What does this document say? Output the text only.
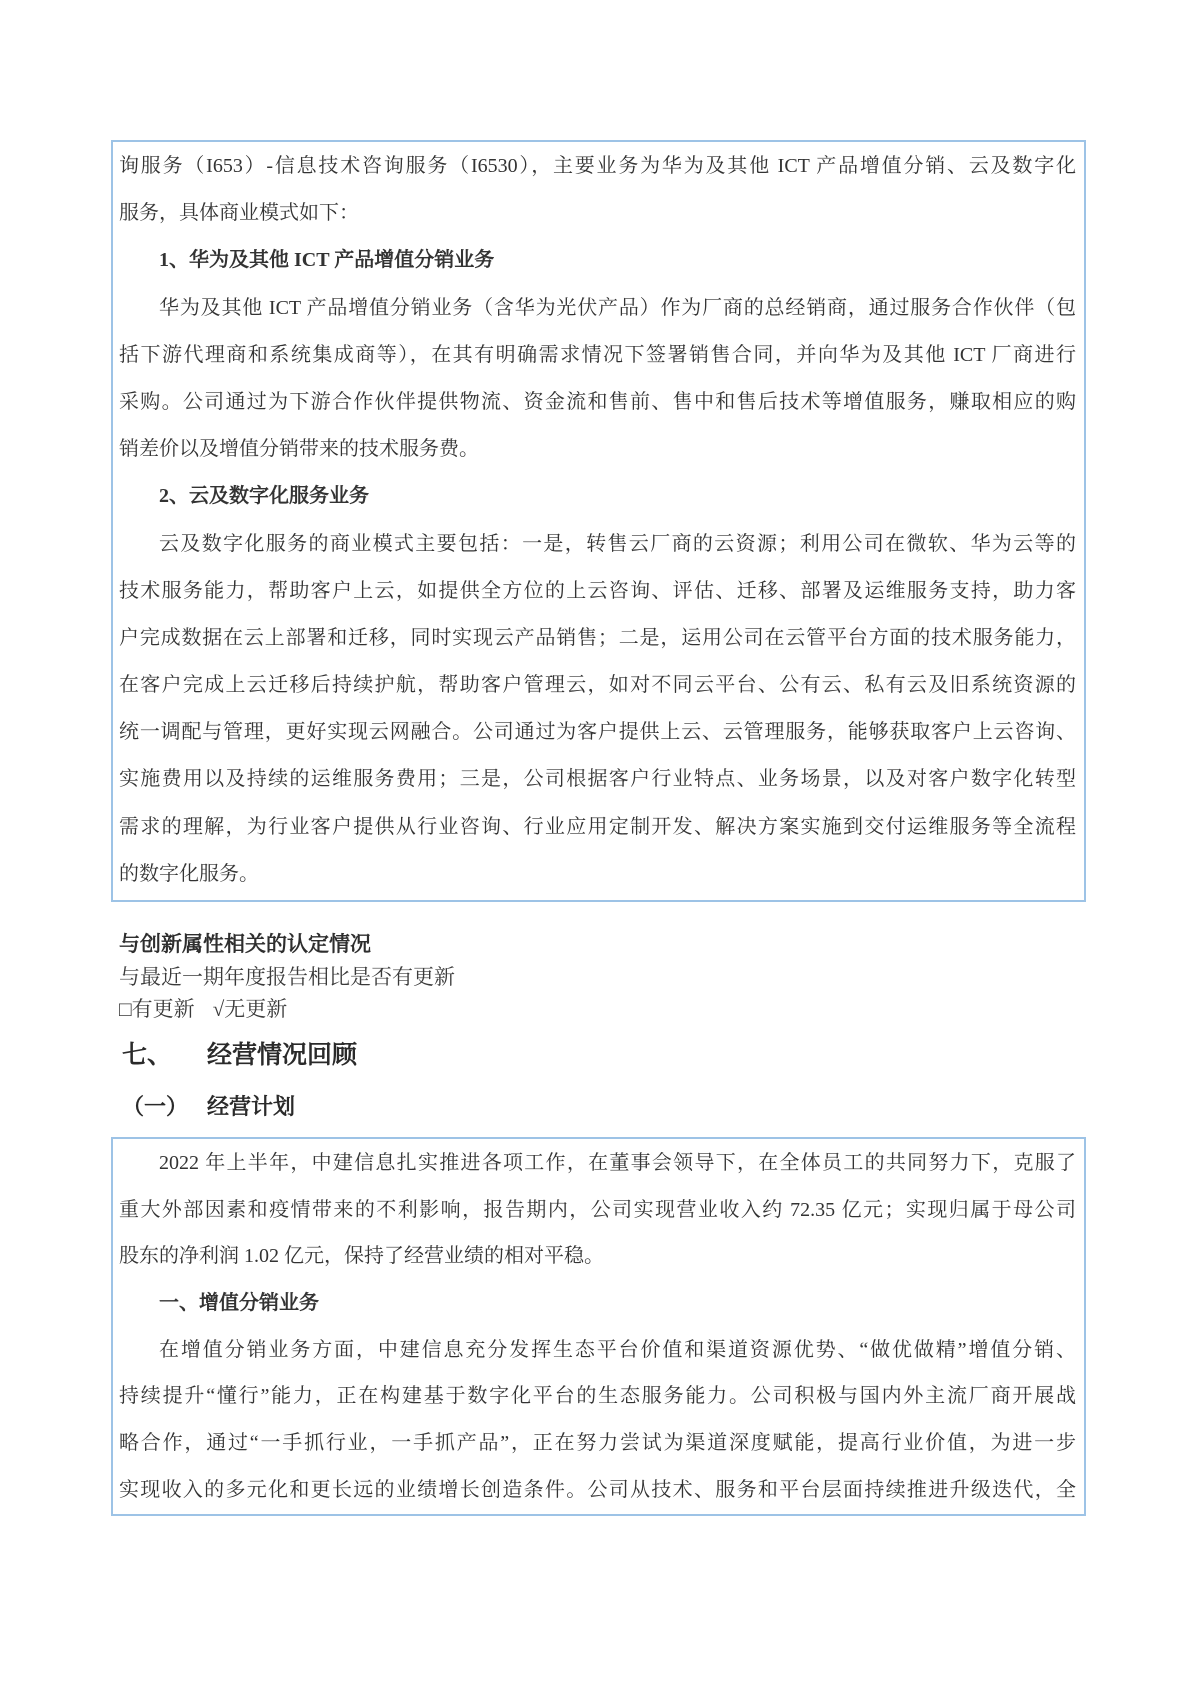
询服务（I653）-信息技术咨询服务（I6530），主要业务为华为及其他 ICT 产品增值分销、云及数字化
服务，具体商业模式如下：
1、华为及其他 ICT 产品增值分销业务
华为及其他 ICT 产品增值分销业务（含华为光伏产品）作为厂商的总经销商，通过服务合作伙伴（包
括下游代理商和系统集成商等），在其有明确需求情况下签署销售合同，并向华为及其他 ICT 厂商进行
采购。公司通过为下游合作伙伴提供物流、资金流和售前、售中和售后技术等增值服务，赚取相应的购
销差价以及增值分销带来的技术服务费。
2、云及数字化服务业务
云及数字化服务的商业模式主要包括：一是，转售云厂商的云资源；利用公司在微软、华为云等的
技术服务能力，帮助客户上云，如提供全方位的上云咨询、评估、迁移、部署及运维服务支持，助力客
户完成数据在云上部署和迁移，同时实现云产品销售；二是，运用公司在云管平台方面的技术服务能力，
在客户完成上云迁移后持续护航，帮助客户管理云，如对不同云平台、公有云、私有云及旧系统资源的
统一调配与管理，更好实现云网融合。公司通过为客户提供上云、云管理服务，能够获取客户上云咨询、
实施费用以及持续的运维服务费用；三是，公司根据客户行业特点、业务场景，以及对客户数字化转型
需求的理解，为行业客户提供从行业咨询、行业应用定制开发、解决方案实施到交付运维服务等全流程
的数字化服务。
与创新属性相关的认定情况
与最近一期年度报告相比是否有更新
□有更新 √无更新
七、 经营情况回顾
（一） 经营计划
2022 年上半年，中建信息扎实推进各项工作，在董事会领导下，在全体员工的共同努力下，克服了
重大外部因素和疫情带来的不利影响，报告期内，公司实现营业收入约 72.35 亿元；实现归属于母公司
股东的净利润 1.02 亿元，保持了经营业绩的相对平稳。
一、增值分销业务
在增值分销业务方面，中建信息充分发挥生态平台价值和渠道资源优势、“做优做精”增值分销、
持续提升“懂行”能力，正在构建基于数字化平台的生态服务能力。公司积极与国内外主流厂商开展战
略合作，通过“一手抓行业，一手抓产品”，正在努力尝试为渠道深度赋能，提高行业价值，为进一步
实现收入的多元化和更长远的业绩增长创造条件。公司从技术、服务和平台层面持续推进升级迭代，全
